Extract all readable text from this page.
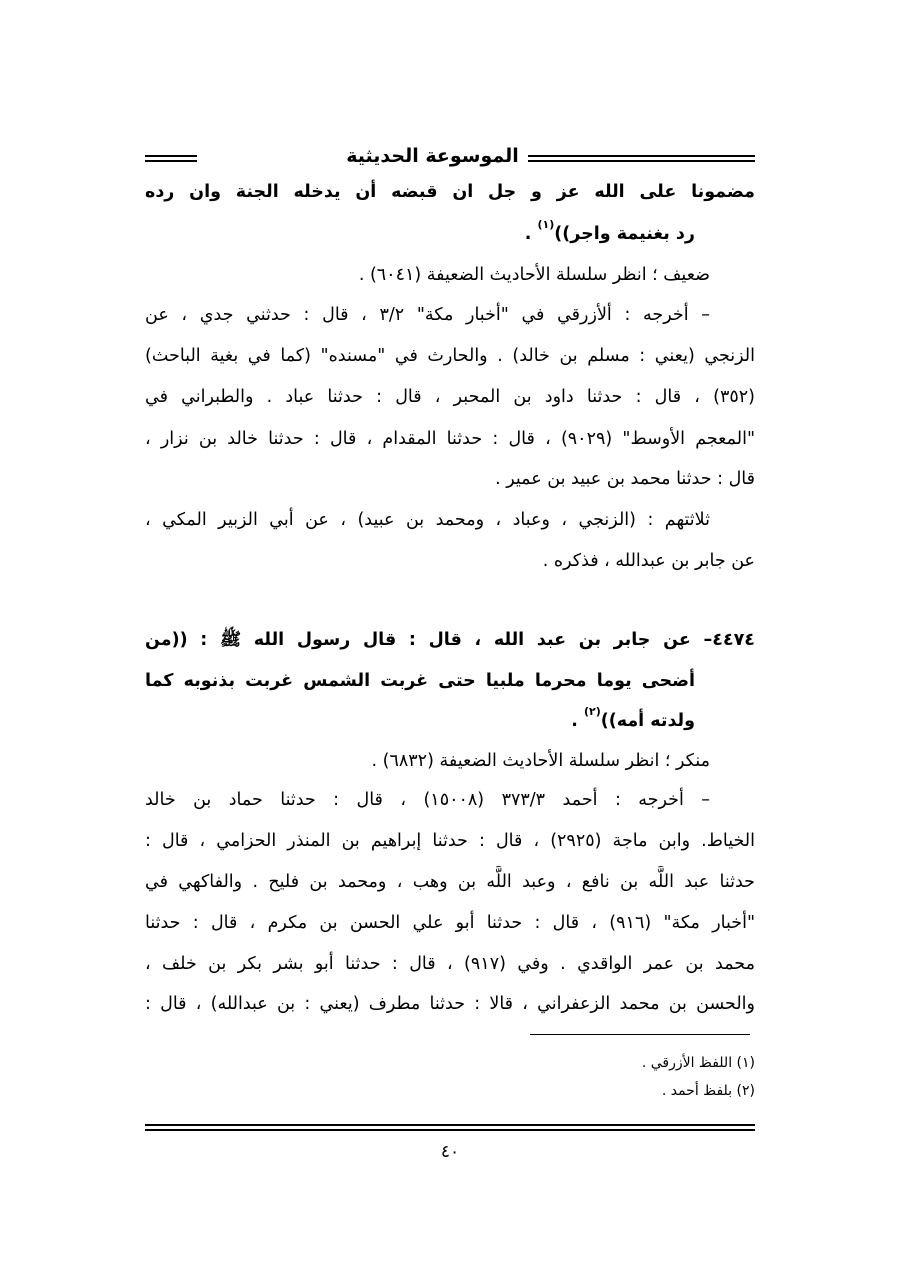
الموسوعة الحديثية
مضمونا على الله عز و جل ان قبضه أن يدخله الجنة وان رده
رد بغنيمة واجر))$^{(١)}$ .
ضعيف ؛ انظر سلسلة الأحاديث الضعيفة (٦٠٤١) .
– أخرجه : ألأزرقي في "أخبار مكة" ٣/٢ ، قال : حدثني جدي ، عن
الزنجي (يعني : مسلم بن خالد) . والحارث في "مسنده" (كما في بغية الباحث)
(٣٥٢) ، قال : حدثنا داود بن المحبر ، قال : حدثنا عباد . والطبراني في
"المعجم الأوسط" (٩٠٢٩) ، قال : حدثنا المقدام ، قال : حدثنا خالد بن نزار ،
قال : حدثنا محمد بن عبيد بن عمير .
ثلاثتهم : (الزنجي ، وعباد ، ومحمد بن عبيد) ، عن أبي الزبير المكي ،
عن جابر بن عبدالله ، فذكره .
٤٤٧٤– عن جابر بن عبد الله ، قال : قال رسول الله ﷺ : ((من
أضحى يوما محرما ملبيا حتى غربت الشمس غربت بذنوبه كما
ولدته أمه))$^{(٢)}$ .
منكر ؛ انظر سلسلة الأحاديث الضعيفة (٦٨٣٢) .
– أخرجه : أحمد ٣٧٣/٣ (١٥٠٠٨) ، قال : حدثنا حماد بن خالد
الخياط. وابن ماجة (٢٩٢٥) ، قال : حدثنا إبراهيم بن المنذر الحزامي ، قال :
حدثنا عبد اللَّه بن نافع ، وعبد اللَّه بن وهب ، ومحمد بن فليح . والفاكهي في
"أخبار مكة" (٩١٦) ، قال : حدثنا أبو علي الحسن بن مكرم ، قال : حدثنا
محمد بن عمر الواقدي . وفي (٩١٧) ، قال : حدثنا أبو بشر بكر بن خلف ،
والحسن بن محمد الزعفراني ، قالا : حدثنا مطرف (يعني : بن عبدالله) ، قال :
(١) اللفظ الأزرقي .
(٢) بلفظ أحمد .
٤٠
